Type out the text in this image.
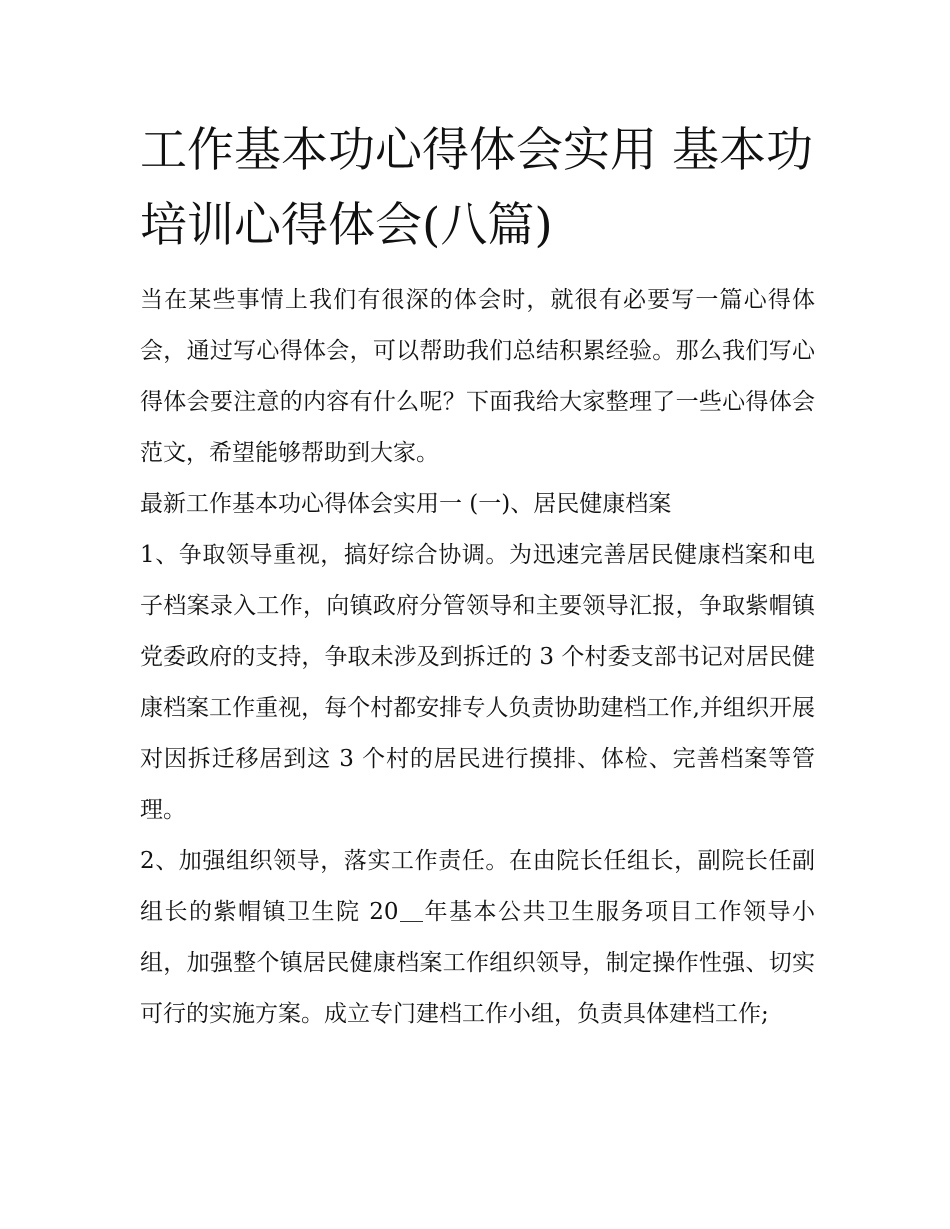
工作基本功心得体会实用 基本功培训心得体会(八篇)

当在某些事情上我们有很深的体会时，就很有必要写一篇心得体会，通过写心得体会，可以帮助我们总结积累经验。那么我们写心得体会要注意的内容有什么呢？下面我给大家整理了一些心得体会范文，希望能够帮助到大家。

最新工作基本功心得体会实用一 (一)、居民健康档案

1、争取领导重视，搞好综合协调。为迅速完善居民健康档案和电子档案录入工作，向镇政府分管领导和主要领导汇报，争取紫帽镇党委政府的支持，争取未涉及到拆迁的 3 个村委支部书记对居民健康档案工作重视，每个村都安排专人负责协助建档工作,并组织开展对因拆迁移居到这 3 个村的居民进行摸排、体检、完善档案等管理。

2、加强组织领导，落实工作责任。在由院长任组长，副院长任副组长的紫帽镇卫生院 20＿年基本公共卫生服务项目工作领导小组，加强整个镇居民健康档案工作组织领导，制定操作性强、切实可行的实施方案。成立专门建档工作小组，负责具体建档工作;
